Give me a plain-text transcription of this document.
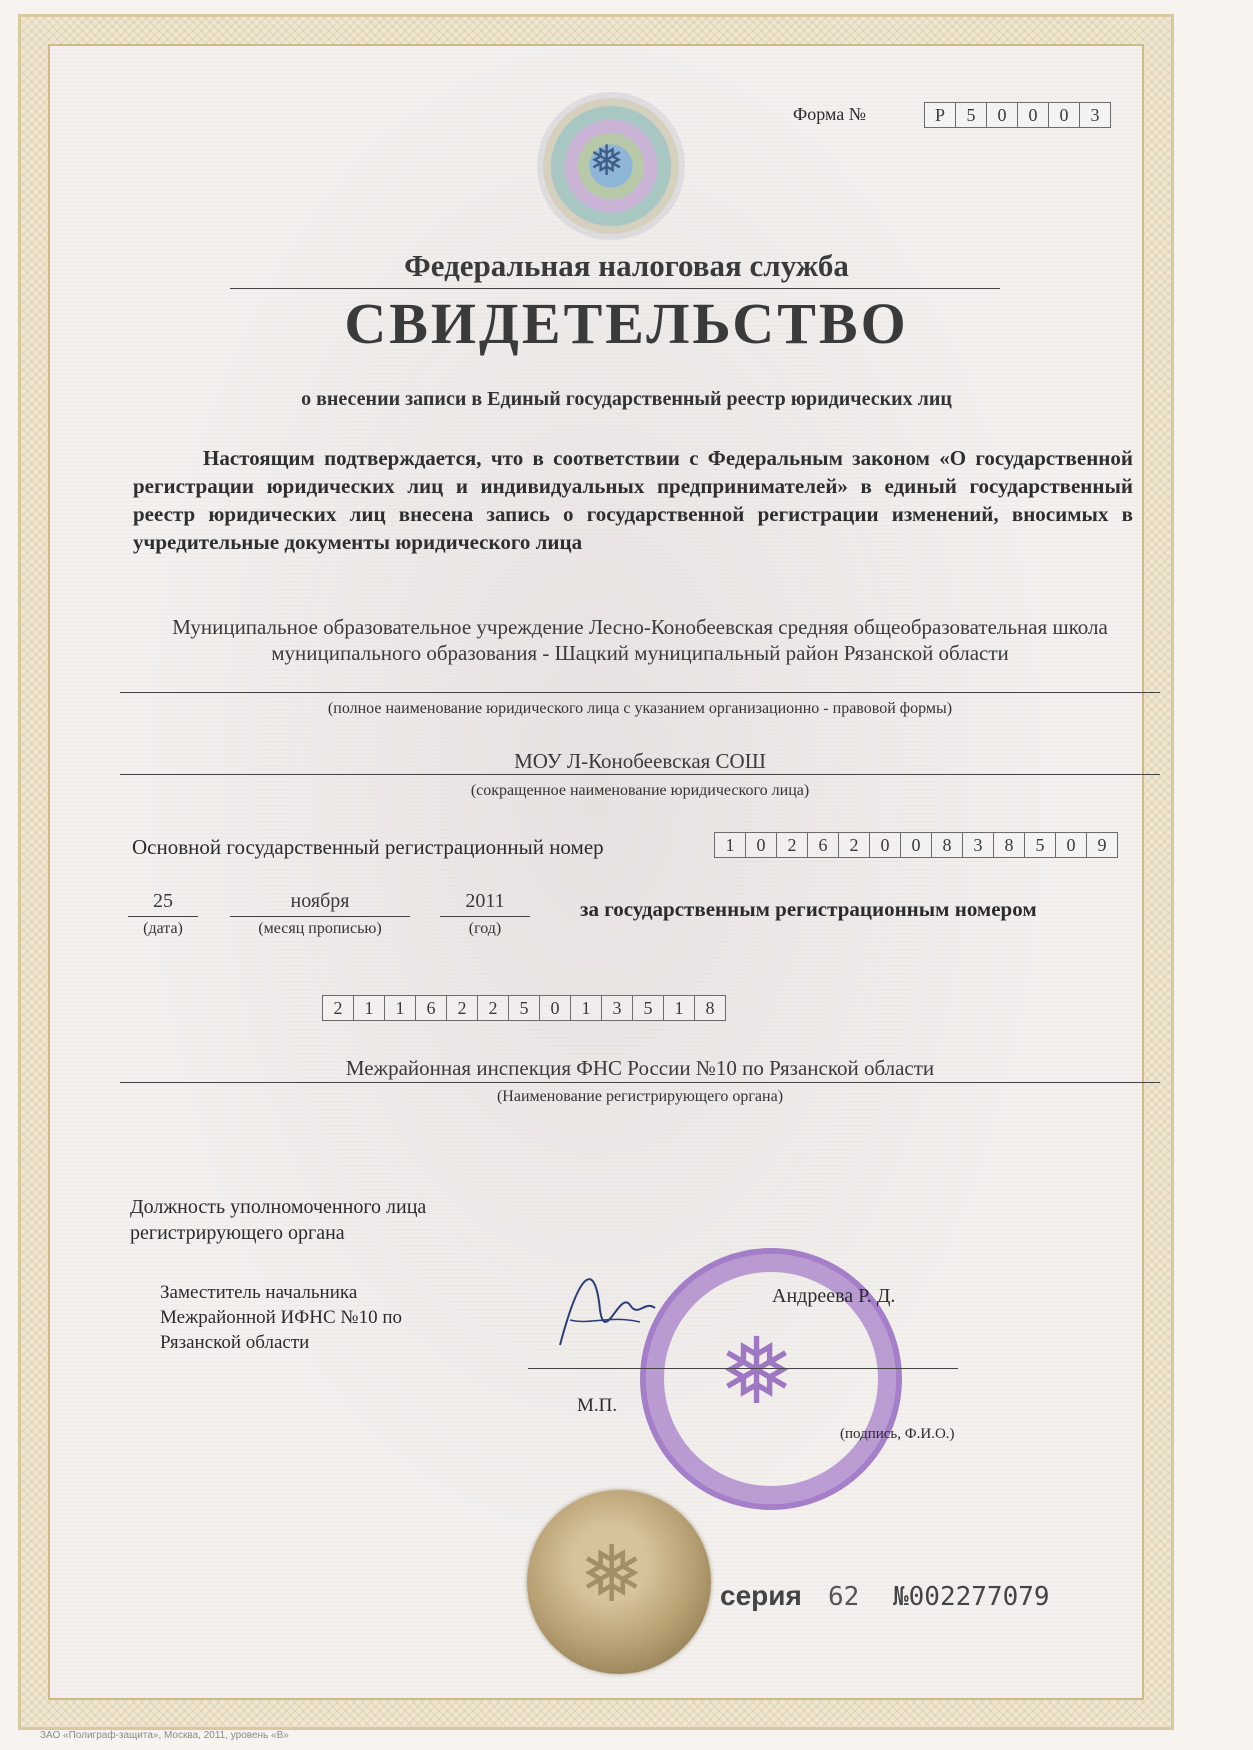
Форма №	Р	5	0	0	0	3
❅
Федеральная налоговая служба
СВИДЕТЕЛЬСТВО
о внесении записи в Единый государственный реестр юридических лиц
Настоящим подтверждается, что в соответствии с Федеральным законом «О государственной регистрации юридических лиц и индивидуальных предпринимателей» в единый государственный реестр юридических лиц внесена запись о государственной регистрации изменений, вносимых в учредительные документы юридического лица
Муниципальное образовательное учреждение Лесно-Конобеевская средняя общеобразовательная школа муниципального образования - Шацкий муниципальный район Рязанской области
(полное наименование юридического лица с указанием организационно - правовой формы)
МОУ Л-Конобеевская СОШ
(сокращенное наименование юридического лица)
Основной государственный регистрационный номер	1	0	2	6	2	0	0	8	3	8	5	0	9
25
(дата)
ноября
(месяц прописью)
2011
(год)
за государственным регистрационным номером
2	1	1	6	2	2	5	0	1	3	5	1	8
Межрайонная инспекция ФНС России №10 по Рязанской области
(Наименование регистрирующего органа)
Должность уполномоченного лица регистрирующего органа
Заместитель начальника
Межрайонной ИФНС №10 по
Рязанской области	❅
Андреева Р. Д.
М.П.
(подпись, Ф.И.О.)
❅	серия 62 №002277079
ЗАО «Полиграф-защита», Москва, 2011, уровень «В»
